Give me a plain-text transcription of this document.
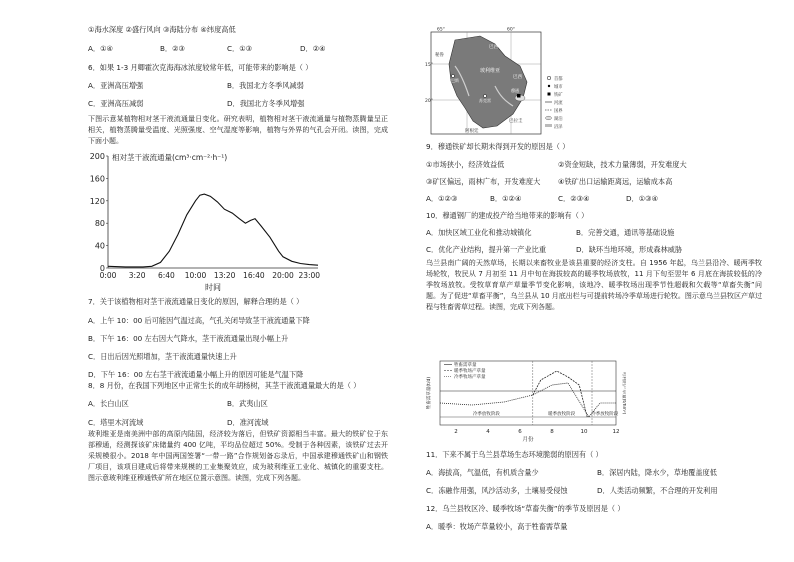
①海水深度 ②盛行风向 ③海陆分布 ④纬度高低
A．①④	B．②③	C．①③	D．②④
6．如果 1-3 月卿霍次克海海冰浓度较常年低，可能带来的影响是（ ）
A．亚洲高压增强	B．我国北方冬季风减弱
C．亚洲高压减弱	D．我国北方冬季风增强
下图示意某植物相对茎干液流通量日变化。研究表明，植物相对茎干液流通量与植物蒸腾量呈正相关，植物蒸腾量受温度、光照强度、空气湿度等影响，植物与外界的气孔会开闭。读图，完成下面小题。
0
40
80
120
160
200
0:00 3:20 6:40 10:00 13:20 16:40 20:00 23:00
时间
相对茎干液流通量(cm³·cm⁻²·h⁻¹)
7．关于该植物相对茎干液流通量日变化的原因，解释合理的是（ ）
A．上午 10：00 后可能因气温过高，气孔关闭导致茎干液流通量下降
B．下午 16：00 左右因大气降水，茎干液流通量出现小幅上升
C．日出后因光照增加，茎干液流通量快速上升
D．下午 16：00 左右茎干液流通量小幅上升的原因可能是气温下降
8．8 月份，在我国下列地区中正常生长的成年胡杨树，其茎干液流通量最大的是（ ）
A．长白山区	B．武夷山区
C．塔里木河流域	D．准河流域
玻利维亚是南美洲中部的高原内陆国，经济较为落后，但铁矿资源相当丰富。最大的铁矿位于东部穆通，经测探该矿床储量约 400 亿吨，平均品位超过 50%。受制于各种因素，该铁矿过去开采规模很小。2018 年中国两国签署“一带一路”合作规划备忘录后，中国承建穆通铁矿山和钢铁厂项目，该项目建成后将带来规模的工业集聚效应，成为玻利维亚工业化、城镇化的重要支柱。图示意玻利维亚穆通铁矿所在地区位置示意图。读图，完成下列各题。
65°	60°
15°
20°
巴西
巴西
玻利维亚
秘鲁
苏克雷
拉巴斯
穆通
巴拉圭
阿根廷
首都
城市
铁矿
河流
国界
湖泊
沼泽
9．穆通铁矿却长期未得到开发的原因是（ ）
①市场狭小，经济效益低	②资金短缺，技术力量薄弱，开发难度大
③矿区偏远，雨林广布，开发难度大 ④铁矿出口运输距离远，运输成本高
A．①②③	B．①②④	C．②③④	D．①③④
10．穆通钢厂的建成投产给当地带来的影响有（ ）
A．加快区域工业化和推动城镇化	B．完善交通，通讯等基础设施
C．优化产业结构，提升第一产业比重	D．缺环当地环境，形成森林威胁
乌兰县南广阔的天然草场，长期以来畜牧业是该县重要的经济支柱。自 1956 年起，乌兰县沿冷、暖两季牧场轮牧，牧民从 7 月初至 11 月中旬在海拔较高的暖季牧场放牧，11 月下旬至翌年 6 月底在海拔较低的冷季牧场放牧。受牧草育草产草量季节变化影响，该地冷、暖季牧场出现季节性超载和欠载等“草畜失衡”问题。为了促进“草畜平衡”，乌兰县从 10 月底出栏与可提前转场冷季草场进行轮牧。图示意乌兰县牧区产草过程与牲畜需草过程。读图，完成下列各题。
2	4	6	8	10	12
月份
牲畜需草量(t/d)	可利用产草量(t/hm²)
冷季放牧阶段	暖季放牧阶段	冷季放牧阶段
牲畜需草量
暖季牧场产草量
冷季牧场产草量
11．下来不属于乌兰县草场生态环境脆弱的原因有（ ）
A．海拔高，气温低，有机质含量少	B．深居内陆，降水少，草地覆盖度低
C．冻融作用强，风沙活动多，土壤易受侵蚀	D．人类活动频繁，不合理的开发利用
12．乌兰县牧区冷、暖季牧场“草畜失衡”的季节及原因是（ ）
A．暖季：牧场产草量较小，高于牲畜需草量
